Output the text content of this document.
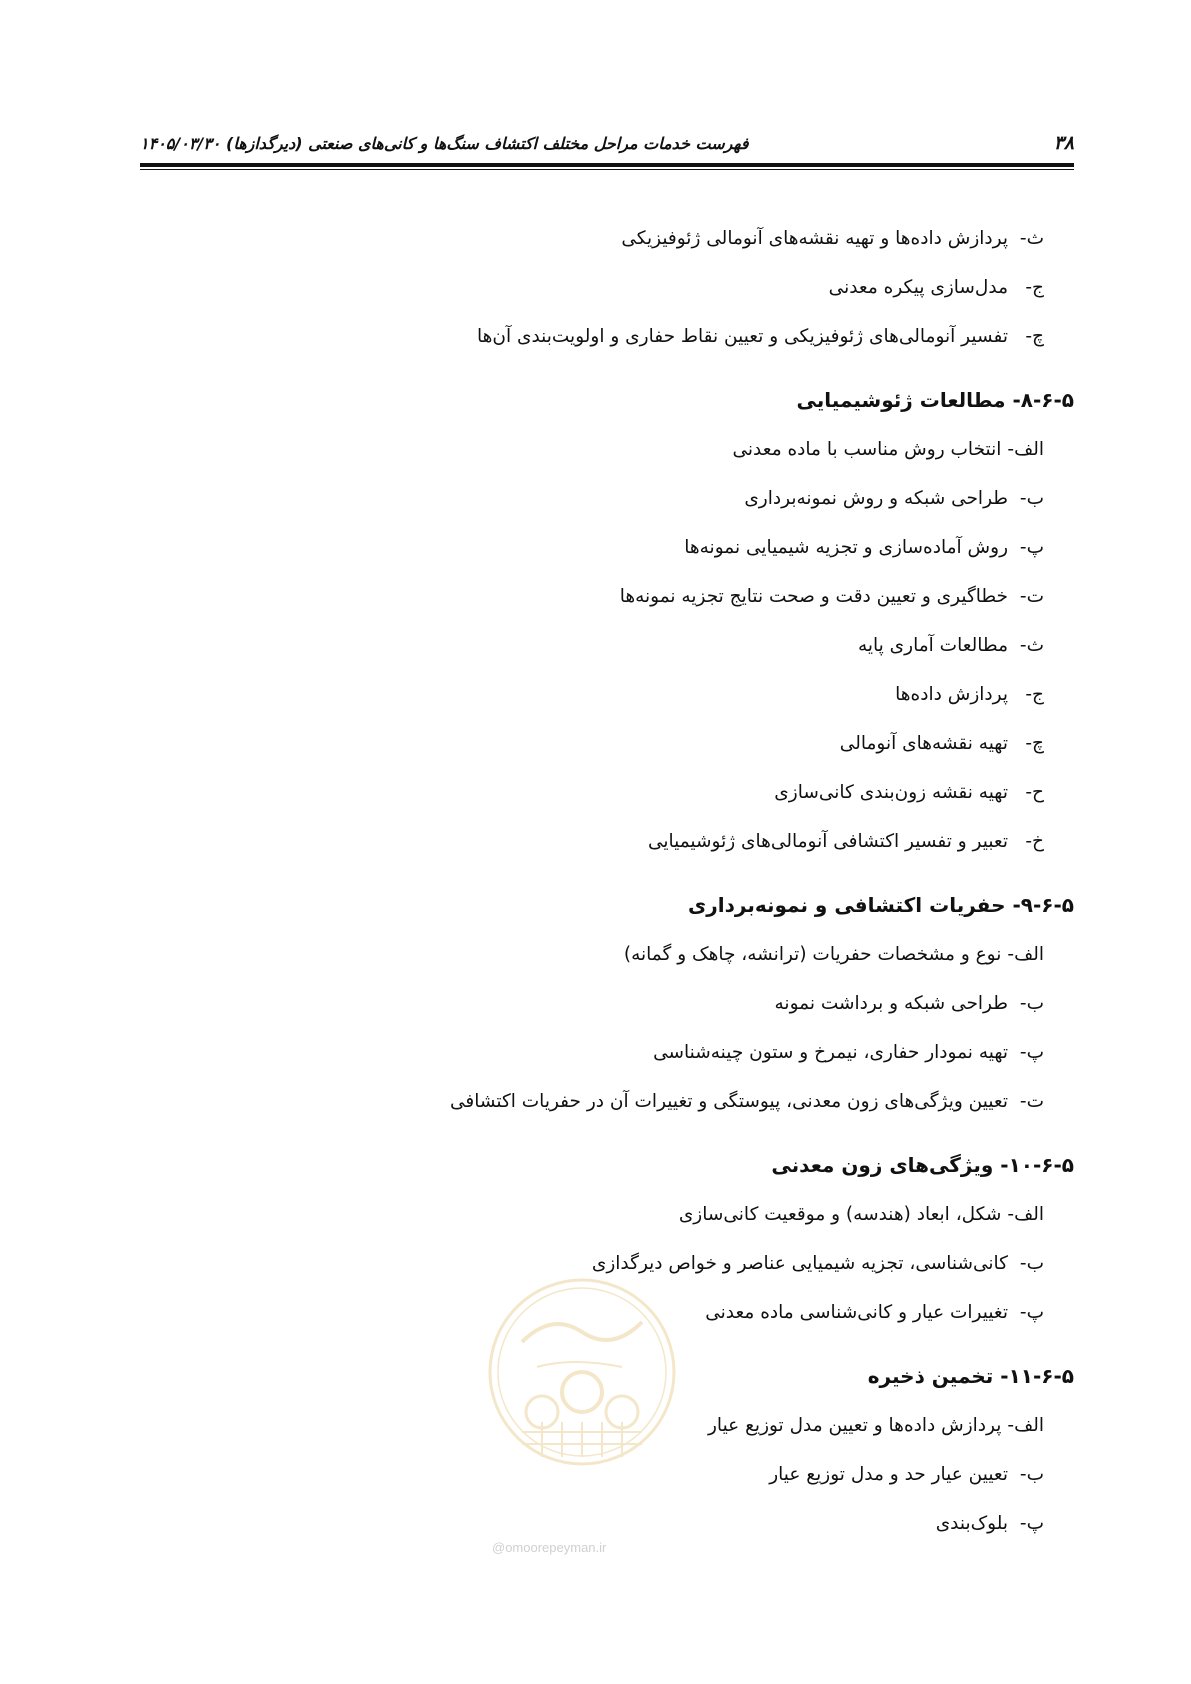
۳۸
فهرست خدمات مراحل مختلف اکتشاف سنگ‌ها و کانی‌های صنعتی (دیرگدازها) ۱۴۰۵/۰۳/۳۰
ث-پردازش داده‌ها و تهیه نقشه‌های آنومالی ژئوفیزیکی
ج-مدل‌سازی پیکره معدنی
چ-تفسیر آنومالی‌های ژئوفیزیکی و تعیین نقاط حفاری و اولویت‌بندی آن‌ها
۸-۶-۵- مطالعات ژئوشیمیایی
الف-انتخاب روش مناسب با ماده معدنی
ب-طراحی شبکه و روش نمونه‌برداری
پ-روش آماده‌سازی و تجزیه شیمیایی نمونه‌ها
ت-خطاگیری و تعیین دقت و صحت نتایج تجزیه نمونه‌ها
ث-مطالعات آماری پایه
ج-پردازش داده‌ها
چ-تهیه نقشه‌های آنومالی
ح-تهیه نقشه زون‌بندی کانی‌سازی
خ-تعبیر و تفسیر اکتشافی آنومالی‌های ژئوشیمیایی
۹-۶-۵- حفریات اکتشافی و نمونه‌برداری
الف-نوع و مشخصات حفریات (ترانشه، چاهک و گمانه)
ب-طراحی شبکه و برداشت نمونه
پ-تهیه نمودار حفاری، نیمرخ و ستون چینه‌شناسی
ت-تعیین ویژگی‌های زون معدنی، پیوستگی و تغییرات آن در حفریات اکتشافی
۱۰-۶-۵- ویژگی‌های زون معدنی
الف-شکل، ابعاد (هندسه) و موقعیت کانی‌سازی
ب-کانی‌شناسی، تجزیه شیمیایی عناصر و خواص دیرگدازی
پ-تغییرات عیار و کانی‌شناسی ماده معدنی
۱۱-۶-۵- تخمین ذخیره
الف-پردازش داده‌ها و تعیین مدل توزیع عیار
ب-تعیین عیار حد و مدل توزیع عیار
پ-بلوک‌بندی
@omoorepeyman.ir
